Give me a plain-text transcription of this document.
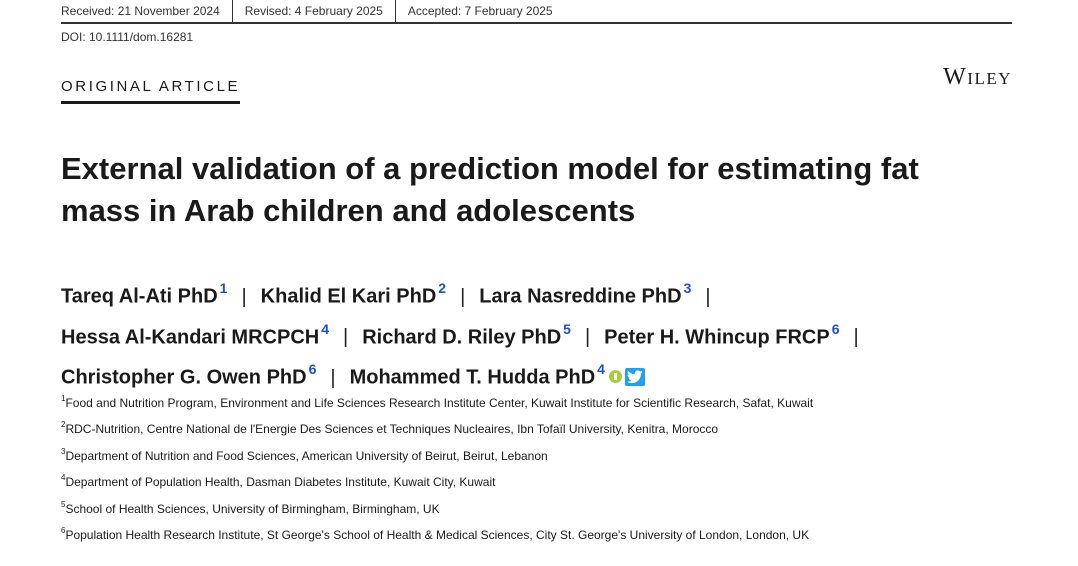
Received: 21 November 2024	Revised: 4 February 2025	Accepted: 7 February 2025
DOI: 10.1111/dom.16281
ORIGINAL ARTICLE	Wiley
External validation of a prediction model for estimating fat mass in Arab children and adolescents
Tareq Al-Ati PhD $^1$ | Khalid El Kari PhD $^2$ | Lara Nasreddine PhD $^3$ |
Hessa Al-Kandari MRCPCH $^4$ | Richard D. Riley PhD $^5$ | Peter H. Whincup FRCP $^6$ |
Christopher G. Owen PhD $^6$ | Mohammed T. Hudda PhD $^4$
$^1$Food and Nutrition Program, Environment and Life Sciences Research Institute Center, Kuwait Institute for Scientific Research, Safat, Kuwait
$^2$RDC-Nutrition, Centre National de l'Energie Des Sciences et Techniques Nucleaires, Ibn Tofaïl University, Kenitra, Morocco
$^3$Department of Nutrition and Food Sciences, American University of Beirut, Beirut, Lebanon
$^4$Department of Population Health, Dasman Diabetes Institute, Kuwait City, Kuwait
$^5$School of Health Sciences, University of Birmingham, Birmingham, UK
$^6$Population Health Research Institute, St George's School of Health & Medical Sciences, City St. George's University of London, London, UK
